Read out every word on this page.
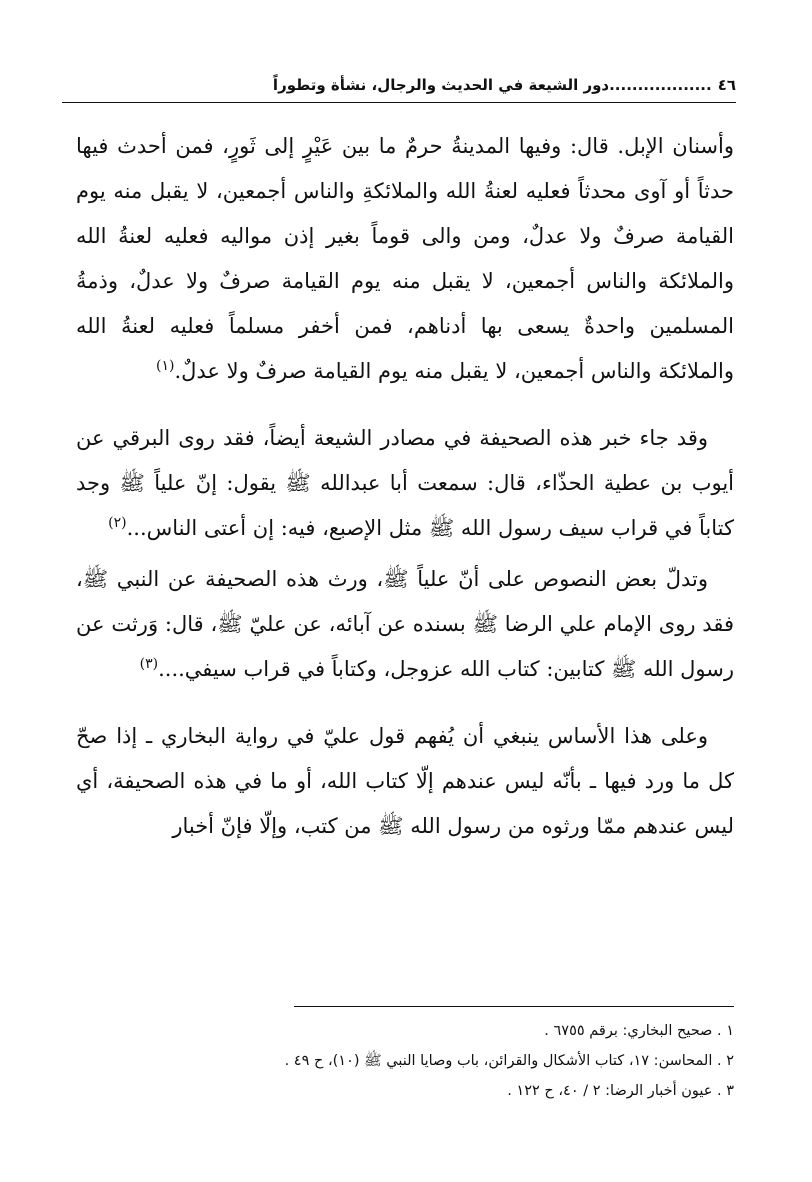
٤٦
..................دور الشيعة في الحديث والرجال، نشأة وتطوراً

وأسنان الإبل. قال: وفيها المدينةُ حرمٌ ما بين عَيْرٍ إلى ثَورٍ، فمن أحدث فيها حدثاً أو آوى محدثاً فعليه لعنةُ الله والملائكةِ والناس أجمعين، لا يقبل منه يوم القيامة صرفٌ ولا عدلٌ، ومن والى قوماً بغير إذن مواليه فعليه لعنةُ الله والملائكة والناس أجمعين، لا يقبل منه يوم القيامة صرفٌ ولا عدلٌ، وذمةُ المسلمين واحدةٌ يسعى بها أدناهم، فمن أخفر مسلماً فعليه لعنةُ الله والملائكة والناس أجمعين، لا يقبل منه يوم القيامة صرفٌ ولا عدلٌ.$^{(١)}$

وقد جاء خبر هذه الصحيفة في مصادر الشيعة أيضاً، فقد روى البرقي عن أيوب بن عطية الحذّاء، قال: سمعت أبا عبدالله ﷺ يقول: إنّ علياً ﷺ وجد كتاباً في قراب سيف رسول الله ﷺ مثل الإصبع، فيه: إن أعتى الناس...$^{(٢)}$

وتدلّ بعض النصوص على أنّ علياً ﷺ، ورث هذه الصحيفة عن النبي ﷺ، فقد روى الإمام علي الرضا ﷺ بسنده عن آبائه، عن عليّ ﷺ، قال: وَرثت عن رسول الله ﷺ كتابين: كتاب الله عزوجل، وكتاباً في قراب سيفي....$^{(٣)}$

وعلى هذا الأساس ينبغي أن يُفهم قول عليّ في رواية البخاري ـ إذا صحّ كل ما ورد فيها ـ بأنّه ليس عندهم إلّا كتاب الله، أو ما في هذه الصحيفة، أي ليس عندهم ممّا ورثوه من رسول الله ﷺ من كتب، وإلّا فإنّ أخبار

١ . صحيح البخاري: برقم ٦٧٥٥ .
٢ . المحاسن: ١٧، كتاب الأشكال والقرائن، باب وصايا النبي ﷺ (١٠)، ح ٤٩ .
٣ . عيون أخبار الرضا: ٢ / ٤٠، ح ١٢٢ .
